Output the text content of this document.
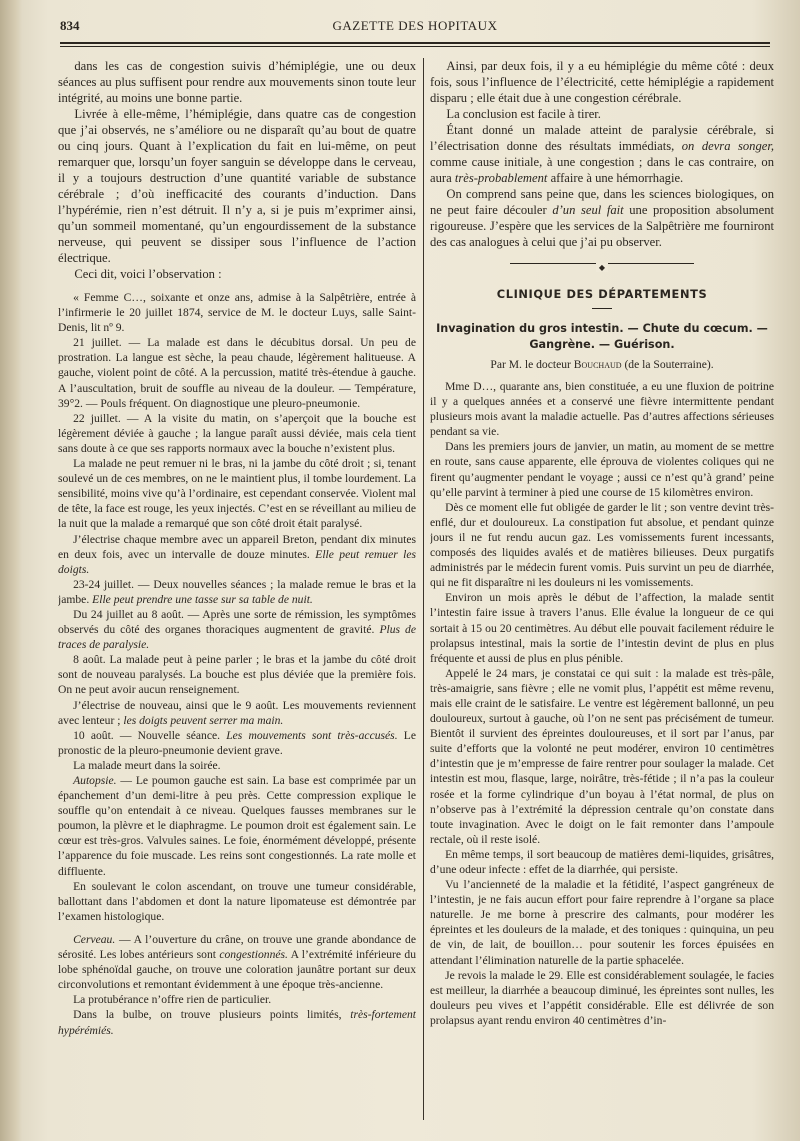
834	GAZETTE DES HOPITAUX

dans les cas de congestion suivis d’hémiplégie, une ou deux séances au plus suffisent pour rendre aux mouvements sinon toute leur intégrité, au moins une bonne partie.

Livrée à elle-même, l’hémiplégie, dans quatre cas de congestion que j’ai observés, ne s’améliore ou ne disparaît qu’au bout de quatre ou cinq jours. Quant à l’explication du fait en lui-même, on peut remarquer que, lorsqu’un foyer sanguin se développe dans le cerveau, il y a toujours destruction d’une quantité variable de substance cérébrale ; d’où inefficacité des courants d’induction. Dans l’hypérémie, rien n’est détruit. Il n’y a, si je puis m’exprimer ainsi, qu’un sommeil momentané, qu’un engourdissement de la substance nerveuse, qui peuvent se dissiper sous l’influence de l’action électrique.

Ceci dit, voici l’observation :

« Femme C…, soixante et onze ans, admise à la Salpêtrière, entrée à l’infirmerie le 20 juillet 1874, service de M. le docteur Luys, salle Saint-Denis, lit nº 9.

21 juillet. — La malade est dans le décubitus dorsal. Un peu de prostration. La langue est sèche, la peau chaude, légèrement halitueuse. A gauche, violent point de côté. A la percussion, matité très-étendue à gauche. A l’auscultation, bruit de souffle au niveau de la douleur. — Température, 39°2. — Pouls fréquent. On diagnostique une pleuro-pneumonie.

22 juillet. — A la visite du matin, on s’aperçoit que la bouche est légèrement déviée à gauche ; la langue paraît aussi déviée, mais cela tient sans doute à ce que ses rapports normaux avec la bouche n’existent plus.

La malade ne peut remuer ni le bras, ni la jambe du côté droit ; si, tenant soulevé un de ces membres, on ne le maintient plus, il tombe lourdement. La sensibilité, moins vive qu’à l’ordinaire, est cependant conservée. Violent mal de tête, la face est rouge, les yeux injectés. C’est en se réveillant au milieu de la nuit que la malade a remarqué que son côté droit était paralysé.

J’électrise chaque membre avec un appareil Breton, pendant dix minutes en deux fois, avec un intervalle de douze minutes. Elle peut remuer les doigts.

23-24 juillet. — Deux nouvelles séances ; la malade remue le bras et la jambe. Elle peut prendre une tasse sur sa table de nuit.

Du 24 juillet au 8 août. — Après une sorte de rémission, les symptômes observés du côté des organes thoraciques augmentent de gravité. Plus de traces de paralysie.

8 août. La malade peut à peine parler ; le bras et la jambe du côté droit sont de nouveau paralysés. La bouche est plus déviée que la première fois. On ne peut avoir aucun renseignement.

J’électrise de nouveau, ainsi que le 9 août. Les mouvements reviennent avec lenteur ; les doigts peuvent serrer ma main.

10 août. — Nouvelle séance. Les mouvements sont très-accusés. Le pronostic de la pleuro-pneumonie devient grave.

La malade meurt dans la soirée.

Autopsie. — Le poumon gauche est sain. La base est comprimée par un épanchement d’un demi-litre à peu près. Cette compression explique le souffle qu’on entendait à ce niveau. Quelques fausses membranes sur le poumon, la plèvre et le diaphragme. Le poumon droit est également sain. Le cœur est très-gros. Valvules saines. Le foie, énormément développé, présente l’apparence du foie muscade. Les reins sont congestionnés. La rate molle et diffluente.

En soulevant le colon ascendant, on trouve une tumeur considérable, ballottant dans l’abdomen et dont la nature lipomateuse est démontrée par l’examen histologique.

Cerveau. — A l’ouverture du crâne, on trouve une grande abondance de sérosité. Les lobes antérieurs sont congestionnés. A l’extrémité inférieure du lobe sphénoïdal gauche, on trouve une coloration jaunâtre portant sur deux circonvolutions et remontant évidemment à une époque très-ancienne.

La protubérance n’offre rien de particulier.

Dans la bulbe, on trouve plusieurs points limités, très-fortement hypérémiés.

Ainsi, par deux fois, il y a eu hémiplégie du même côté : deux fois, sous l’influence de l’électricité, cette hémiplégie a rapidement disparu ; elle était due à une congestion cérébrale.

La conclusion est facile à tirer.

Étant donné un malade atteint de paralysie cérébrale, si l’électrisation donne des résultats immédiats, on devra songer, comme cause initiale, à une congestion ; dans le cas contraire, on aura très-probablement affaire à une hémorrhagie.

On comprend sans peine que, dans les sciences biologiques, on ne peut faire découler d’un seul fait une proposition absolument rigoureuse. J’espère que les services de la Salpêtrière me fourniront des cas analogues à celui que j’ai pu observer.

◆
CLINIQUE DES DÉPARTEMENTS
Invagination du gros intestin. — Chute du cœcum. —
Gangrène. — Guérison.
Par M. le docteur Bouchaud (de la Souterraine).

Mme D…, quarante ans, bien constituée, a eu une fluxion de poitrine il y a quelques années et a conservé une fièvre intermittente pendant plusieurs mois avant la maladie actuelle. Pas d’autres affections sérieuses pendant sa vie.

Dans les premiers jours de janvier, un matin, au moment de se mettre en route, sans cause apparente, elle éprouva de violentes coliques qui ne firent qu’augmenter pendant le voyage ; aussi ce n’est qu’à grand’ peine qu’elle parvint à terminer à pied une course de 15 kilomètres environ.

Dès ce moment elle fut obligée de garder le lit ; son ventre devint très-enflé, dur et douloureux. La constipation fut absolue, et pendant quinze jours il ne fut rendu aucun gaz. Les vomissements furent incessants, composés des liquides avalés et de matières bilieuses. Deux purgatifs administrés par le médecin furent vomis. Puis survint un peu de diarrhée, qui ne fit disparaître ni les douleurs ni les vomissements.

Environ un mois après le début de l’affection, la malade sentit l’intestin faire issue à travers l’anus. Elle évalue la longueur de ce qui sortait à 15 ou 20 centimètres. Au début elle pouvait facilement réduire le prolapsus intestinal, mais la sortie de l’intestin devint de plus en plus fréquente et aussi de plus en plus pénible.

Appelé le 24 mars, je constatai ce qui suit : la malade est très-pâle, très-amaigrie, sans fièvre ; elle ne vomit plus, l’appétit est même revenu, mais elle craint de le satisfaire. Le ventre est légèrement ballonné, un peu douloureux, surtout à gauche, où l’on ne sent pas précisément de tumeur. Bientôt il survient des épreintes douloureuses, et il sort par l’anus, par suite d’efforts que la volonté ne peut modérer, environ 10 centimètres d’intestin que je m’empresse de faire rentrer pour soulager la malade. Cet intestin est mou, flasque, large, noirâtre, très-fétide ; il n’a pas la couleur rosée et la forme cylindrique d’un boyau à l’état normal, de plus on n’observe pas à l’extrémité la dépression centrale qu’on constate dans toute invagination. Avec le doigt on le fait remonter dans l’ampoule rectale, où il reste isolé.

En même temps, il sort beaucoup de matières demi-liquides, grisâtres, d’une odeur infecte : effet de la diarrhée, qui persiste.

Vu l’ancienneté de la maladie et la fétidité, l’aspect gangréneux de l’intestin, je ne fais aucun effort pour faire reprendre à l’organe sa place naturelle. Je me borne à prescrire des calmants, pour modérer les épreintes et les douleurs de la malade, et des toniques : quinquina, un peu de vin, de lait, de bouillon… pour soutenir les forces épuisées en attendant l’élimination naturelle de la partie sphacelée.

Je revois la malade le 29. Elle est considérablement soulagée, le facies est meilleur, la diarrhée a beaucoup diminué, les épreintes sont nulles, les douleurs peu vives et l’appétit considérable. Elle est délivrée de son prolapsus ayant rendu environ 40 centimètres d’in-
